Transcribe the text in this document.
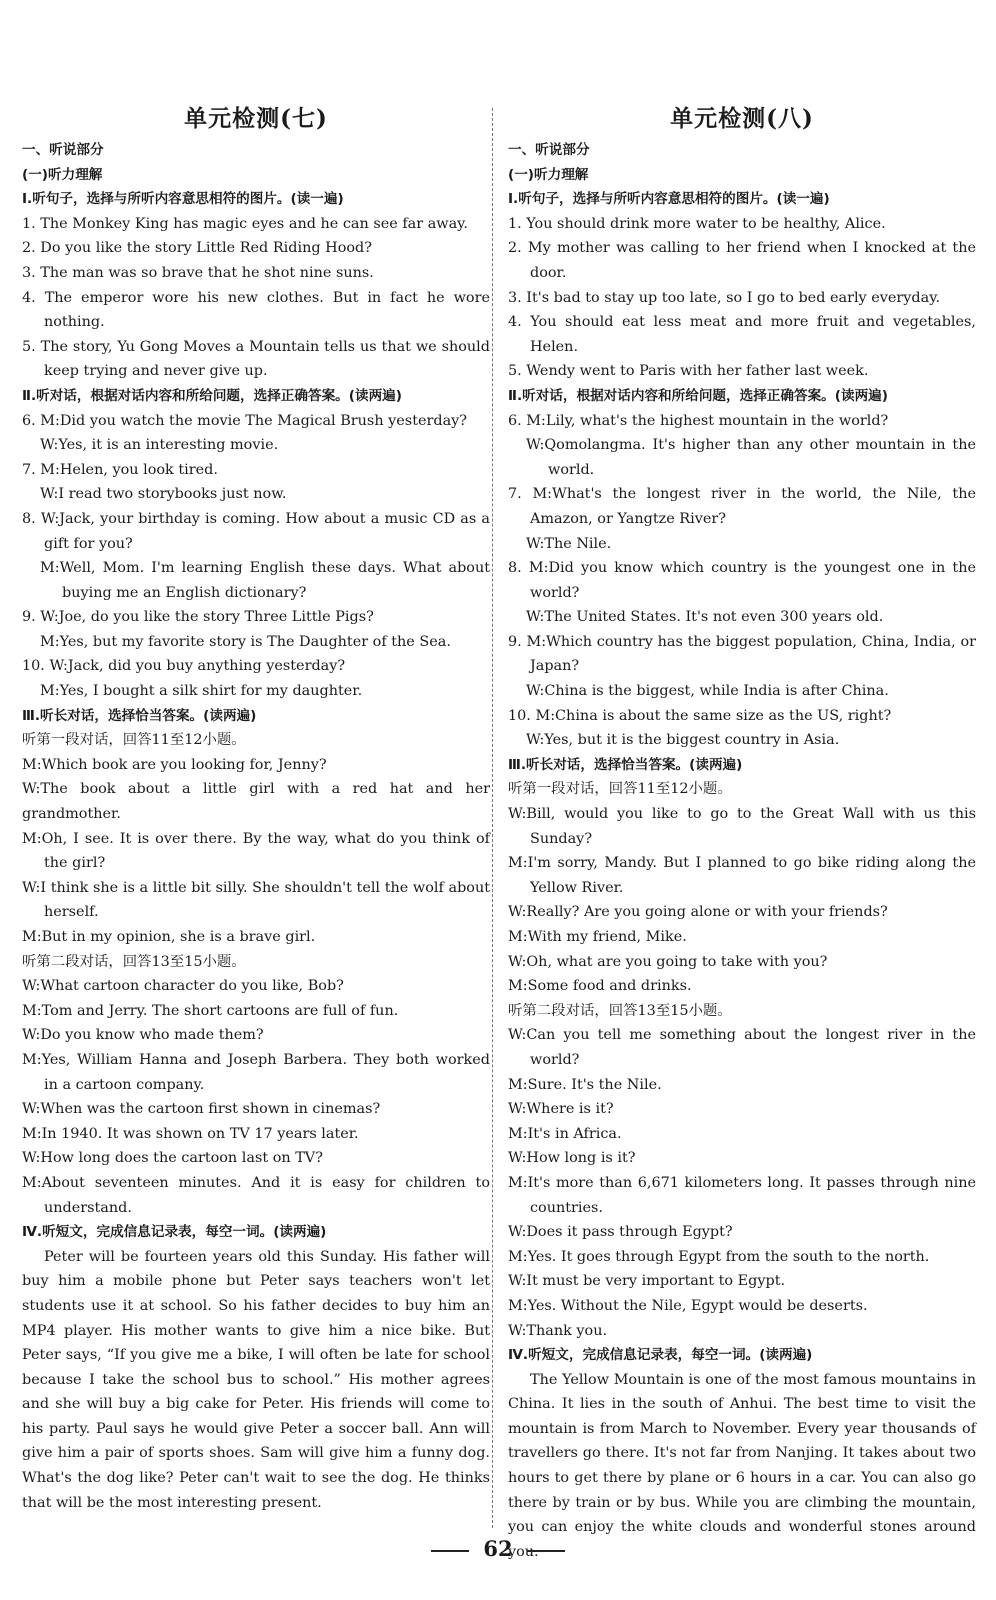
单元检测(七)
一、听说部分
(一)听力理解
Ⅰ.听句子，选择与所听内容意思相符的图片。(读一遍)
1. The Monkey King has magic eyes and he can see far away.
2. Do you like the story Little Red Riding Hood?
3. The man was so brave that he shot nine suns.
4. The emperor wore his new clothes. But in fact he wore nothing.
5. The story, Yu Gong Moves a Mountain tells us that we should keep trying and never give up.
Ⅱ.听对话，根据对话内容和所给问题，选择正确答案。(读两遍)
6. M:Did you watch the movie The Magical Brush yesterday?
W:Yes, it is an interesting movie.
7. M:Helen, you look tired.
W:I read two storybooks just now.
8. W:Jack, your birthday is coming. How about a music CD as a gift for you?
M:Well, Mom. I'm learning English these days. What about buying me an English dictionary?
9. W:Joe, do you like the story Three Little Pigs?
M:Yes, but my favorite story is The Daughter of the Sea.
10. W:Jack, did you buy anything yesterday?
M:Yes, I bought a silk shirt for my daughter.
Ⅲ.听长对话，选择恰当答案。(读两遍)
听第一段对话，回答11至12小题。
M:Which book are you looking for, Jenny?
W:The book about a little girl with a red hat and her grandmother.
M:Oh, I see. It is over there. By the way, what do you think of the girl?
W:I think she is a little bit silly. She shouldn't tell the wolf about herself.
M:But in my opinion, she is a brave girl.
听第二段对话，回答13至15小题。
W:What cartoon character do you like, Bob?
M:Tom and Jerry. The short cartoons are full of fun.
W:Do you know who made them?
M:Yes, William Hanna and Joseph Barbera. They both worked in a cartoon company.
W:When was the cartoon first shown in cinemas?
M:In 1940. It was shown on TV 17 years later.
W:How long does the cartoon last on TV?
M:About seventeen minutes. And it is easy for children to understand.
Ⅳ.听短文，完成信息记录表，每空一词。(读两遍)
Peter will be fourteen years old this Sunday. His father will buy him a mobile phone but Peter says teachers won't let students use it at school. So his father decides to buy him an MP4 player. His mother wants to give him a nice bike. But Peter says, “If you give me a bike, I will often be late for school because I take the school bus to school.” His mother agrees and she will buy a big cake for Peter. His friends will come to his party. Paul says he would give Peter a soccer ball. Ann will give him a pair of sports shoes. Sam will give him a funny dog. What's the dog like? Peter can't wait to see the dog. He thinks that will be the most interesting present.
单元检测(八)
一、听说部分
(一)听力理解
Ⅰ.听句子，选择与所听内容意思相符的图片。(读一遍)
1. You should drink more water to be healthy, Alice.
2. My mother was calling to her friend when I knocked at the door.
3. It's bad to stay up too late, so I go to bed early everyday.
4. You should eat less meat and more fruit and vegetables, Helen.
5. Wendy went to Paris with her father last week.
Ⅱ.听对话，根据对话内容和所给问题，选择正确答案。(读两遍)
6. M:Lily, what's the highest mountain in the world?
W:Qomolangma. It's higher than any other mountain in the world.
7. M:What's the longest river in the world, the Nile, the Amazon, or Yangtze River?
W:The Nile.
8. M:Did you know which country is the youngest one in the world?
W:The United States. It's not even 300 years old.
9. M:Which country has the biggest population, China, India, or Japan?
W:China is the biggest, while India is after China.
10. M:China is about the same size as the US, right?
W:Yes, but it is the biggest country in Asia.
Ⅲ.听长对话，选择恰当答案。(读两遍)
听第一段对话，回答11至12小题。
W:Bill, would you like to go to the Great Wall with us this Sunday?
M:I'm sorry, Mandy. But I planned to go bike riding along the Yellow River.
W:Really? Are you going alone or with your friends?
M:With my friend, Mike.
W:Oh, what are you going to take with you?
M:Some food and drinks.
听第二段对话，回答13至15小题。
W:Can you tell me something about the longest river in the world?
M:Sure. It's the Nile.
W:Where is it?
M:It's in Africa.
W:How long is it?
M:It's more than 6,671 kilometers long. It passes through nine countries.
W:Does it pass through Egypt?
M:Yes. It goes through Egypt from the south to the north.
W:It must be very important to Egypt.
M:Yes. Without the Nile, Egypt would be deserts.
W:Thank you.
Ⅳ.听短文，完成信息记录表，每空一词。(读两遍)
The Yellow Mountain is one of the most famous mountains in China. It lies in the south of Anhui. The best time to visit the mountain is from March to November. Every year thousands of travellers go there. It's not far from Nanjing. It takes about two hours to get there by plane or 6 hours in a car. You can also go there by train or by bus. While you are climbing the mountain, you can enjoy the white clouds and wonderful stones around you.
62
